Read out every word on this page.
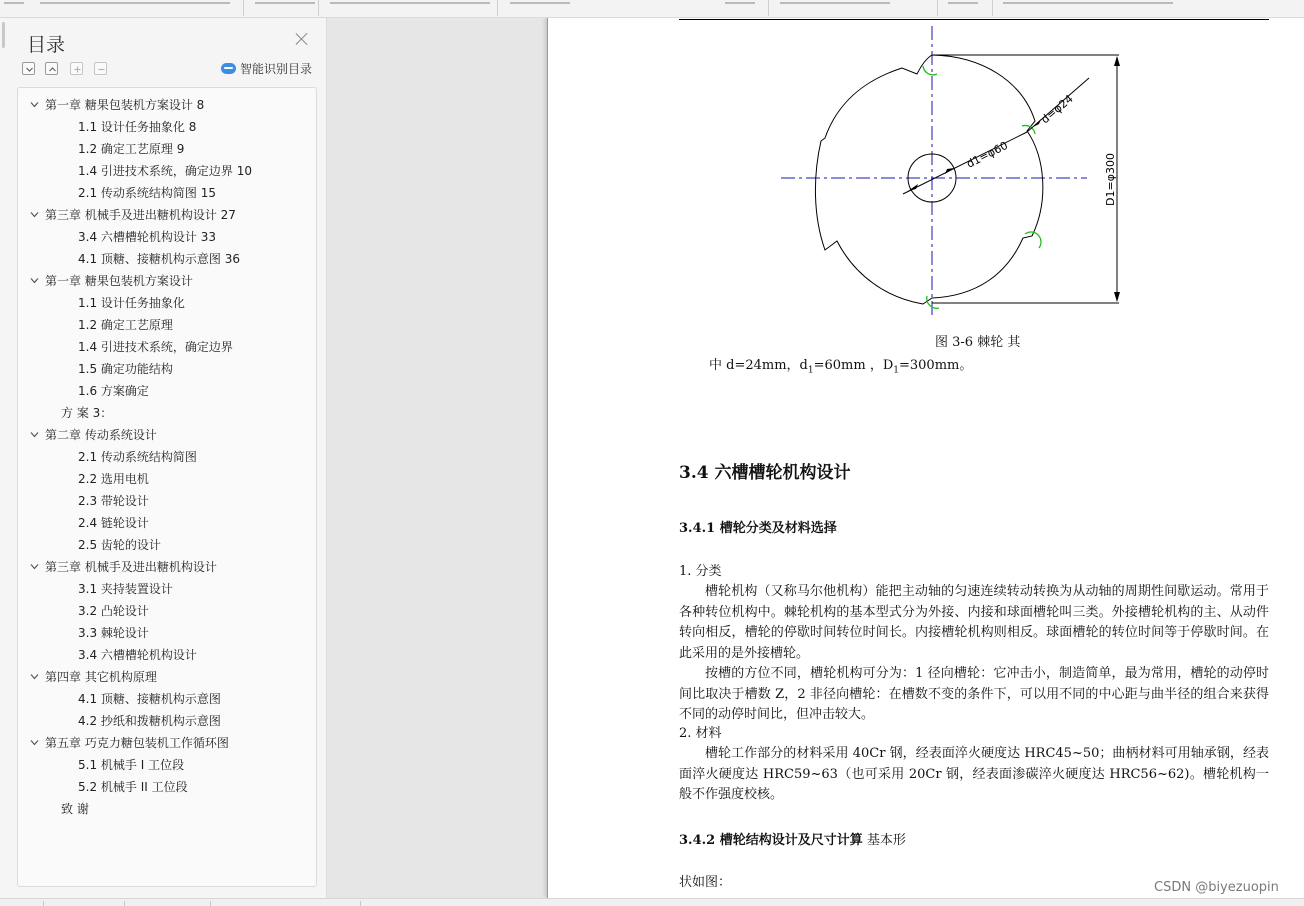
目录
智能识别目录
第一章 糖果包装机方案设计 8
1.1 设计任务抽象化 8
1.2 确定工艺原理 9
1.4 引进技术系统，确定边界 10
2.1 传动系统结构简图 15
第三章 机械手及进出糖机构设计 27
3.4 六槽槽轮机构设计 33
4.1 顶糖、接糖机构示意图 36
第一章 糖果包装机方案设计
1.1 设计任务抽象化
1.2 确定工艺原理
1.4 引进技术系统，确定边界
1.5 确定功能结构
1.6 方案确定
方 案 3：
第二章 传动系统设计
2.1 传动系统结构简图
2.2 选用电机
2.3 带轮设计
2.4 链轮设计
2.5 齿轮的设计
第三章 机械手及进出糖机构设计
3.1 夹持装置设计
3.2 凸轮设计
3.3 棘轮设计
3.4 六槽槽轮机构设计
第四章 其它机构原理
4.1 顶糖、接糖机构示意图
4.2 抄纸和拨糖机构示意图
第五章 巧克力糖包装机工作循环图
5.1 机械手 I 工位段
5.2 机械手 II 工位段
致 谢
D1=φ300
d1=φ60
d=φ24
图 3-6 棘轮 其
中 d=24mm，$d_1=60mm$ ，$D_1=300mm$。
3.4 六槽槽轮机构设计
3.4.1 槽轮分类及材料选择
1. 分类
槽轮机构（又称马尔他机构）能把主动轴的匀速连续转动转换为从动轴的周期性间歇运动。常用于各种转位机构中。棘轮机构的基本型式分为外接、内接和球面槽轮叫三类。外接槽轮机构的主、从动件转向相反，槽轮的停歇时间转位时间长。内接槽轮机构则相反。球面槽轮的转位时间等于停歇时间。在此采用的是外接槽轮。
按槽的方位不同，槽轮机构可分为：1 径向槽轮：它冲击小，制造简单，最为常用，槽轮的动停时间比取决于槽数 Z，2 非径向槽轮：在槽数不变的条件下，可以用不同的中心距与曲半径的组合来获得不同的动停时间比，但冲击较大。
2. 材料
槽轮工作部分的材料采用 40Cr 钢，经表面淬火硬度达 HRC45~50；曲柄材料可用轴承钢，经表面淬火硬度达 HRC59~63（也可采用 20Cr 钢，经表面渗碳淬火硬度达 HRC56~62)。槽轮机构一般不作强度校核。
3.4.2 槽轮结构设计及尺寸计算 基本形
状如图：	CSDN @biyezuopin
